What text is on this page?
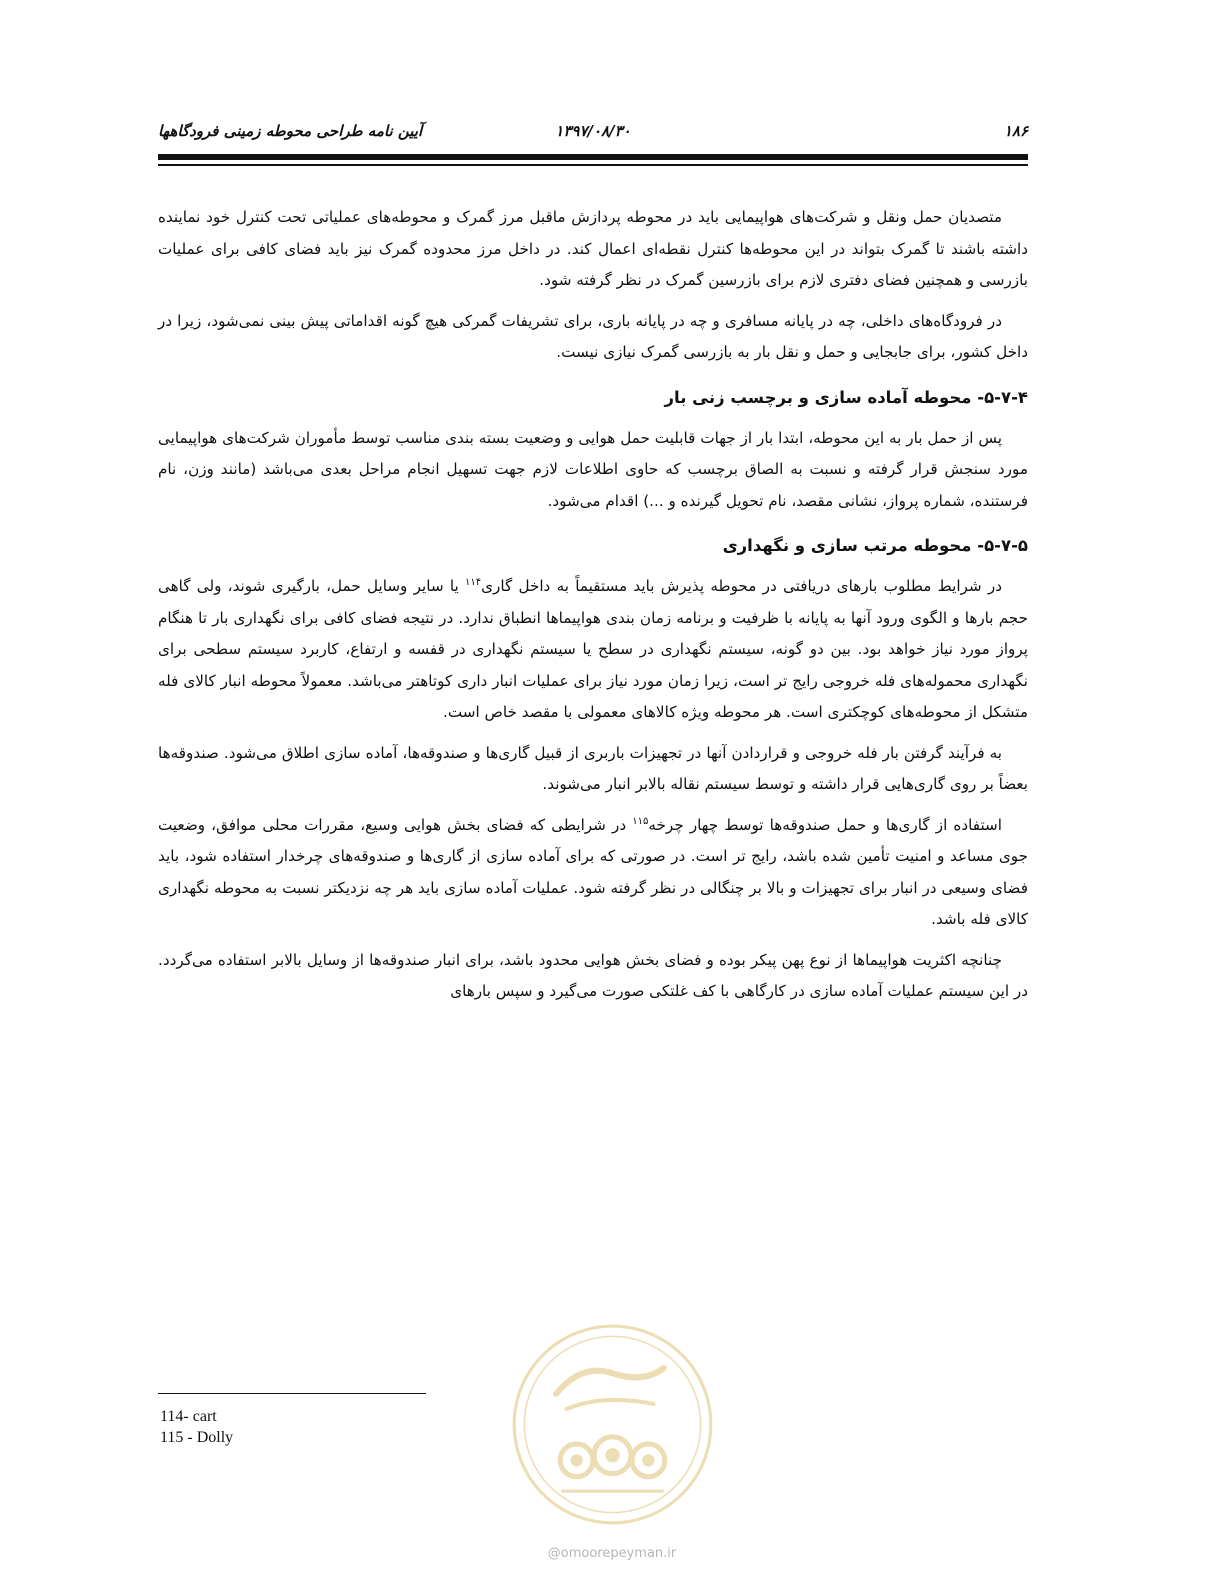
۱۸۶
۱۳۹۷/۰۸/۳۰
آیین نامه طراحی محوطه زمینی فرودگاهها

متصدیان حمل ونقل و شرکت‌های هواپیمایی باید در محوطه پردازش ماقبل مرز گمرک و محوطه‌های عملیاتی تحت کنترل خود نماینده داشته باشند تا گمرک بتواند در این محوطه‌ها کنترل نقطه‌ای اعمال کند. در داخل مرز محدوده گمرک نیز باید فضای کافی برای عملیات بازرسی و همچنین فضای دفتری لازم برای بازرسین گمرک در نظر گرفته شود.

در فرودگاه‌های داخلی، چه در پایانه مسافری و چه در پایانه باری، برای تشریفات گمرکی هیچ گونه اقداماتی پیش بینی نمی‌شود، زیرا در داخل کشور، برای جابجایی و حمل و نقل بار به بازرسی گمرک نیازی نیست.

۵-۷-۴- محوطه آماده سازی و برچسب زنی بار

پس از حمل بار به این محوطه، ابتدا بار از جهات قابلیت حمل هوایی و وضعیت بسته بندی مناسب توسط مأموران شرکت‌های هواپیمایی مورد سنجش قرار گرفته و نسبت به الصاق برچسب که حاوی اطلاعات لازم جهت تسهیل انجام مراحل بعدی می‌باشد (مانند وزن، نام فرستنده، شماره پرواز، نشانی مقصد، نام تحویل گیرنده و ...) اقدام می‌شود.

۵-۷-۵- محوطه مرتب سازی و نگهداری

در شرایط مطلوب بارهای دریافتی در محوطه پذیرش باید مستقیماً به داخل گاری$^{۱۱۴}$ یا سایر وسایل حمل، بارگیری شوند، ولی گاهی حجم بارها و الگوی ورود آنها به پایانه با ظرفیت و برنامه زمان بندی هواپیماها انطباق ندارد. در نتیجه فضای کافی برای نگهداری بار تا هنگام پرواز مورد نیاز خواهد بود. بین دو گونه، سیستم نگهداری در سطح یا سیستم نگهداری در قفسه و ارتفاع، کاربرد سیستم سطحی برای نگهداری محموله‌های فله خروجی رایج تر است، زیرا زمان مورد نیاز برای عملیات انبار داری کوتاهتر می‌باشد. معمولاً محوطه انبار کالای فله متشکل از محوطه‌های کوچکتری است. هر محوطه ویژه کالاهای معمولی با مقصد خاص است.

به فرآیند گرفتن بار فله خروجی و قراردادن آنها در تجهیزات باربری از قبیل گاری‌ها و صندوقه‌ها، آماده سازی اطلاق می‌شود. صندوقه‌ها بعضاً بر روی گاری‌هایی قرار داشته و توسط سیستم نقاله بالابر انبار می‌شوند.

استفاده از گاری‌ها و حمل صندوقه‌ها توسط چهار چرخه$^{۱۱۵}$ در شرایطی که فضای بخش هوایی وسیع، مقررات محلی موافق، وضعیت جوی مساعد و امنیت تأمین شده باشد، رایج تر است. در صورتی که برای آماده سازی از گاری‌ها و صندوقه‌های چرخدار استفاده شود، باید فضای وسیعی در انبار برای تجهیزات و بالا بر چنگالی در نظر گرفته شود. عملیات آماده سازی باید هر چه نزدیکتر نسبت به محوطه نگهداری کالای فله باشد.

چنانچه اکثریت هواپیماها از نوع پهن پیکر بوده و فضای بخش هوایی محدود باشد، برای انبار صندوقه‌ها از وسایل بالابر استفاده می‌گردد. در این سیستم عملیات آماده سازی در کارگاهی با کف غلتکی صورت می‌گیرد و سپس بارهای

114- cart
115 - Dolly
@omoorepeyman.ir
